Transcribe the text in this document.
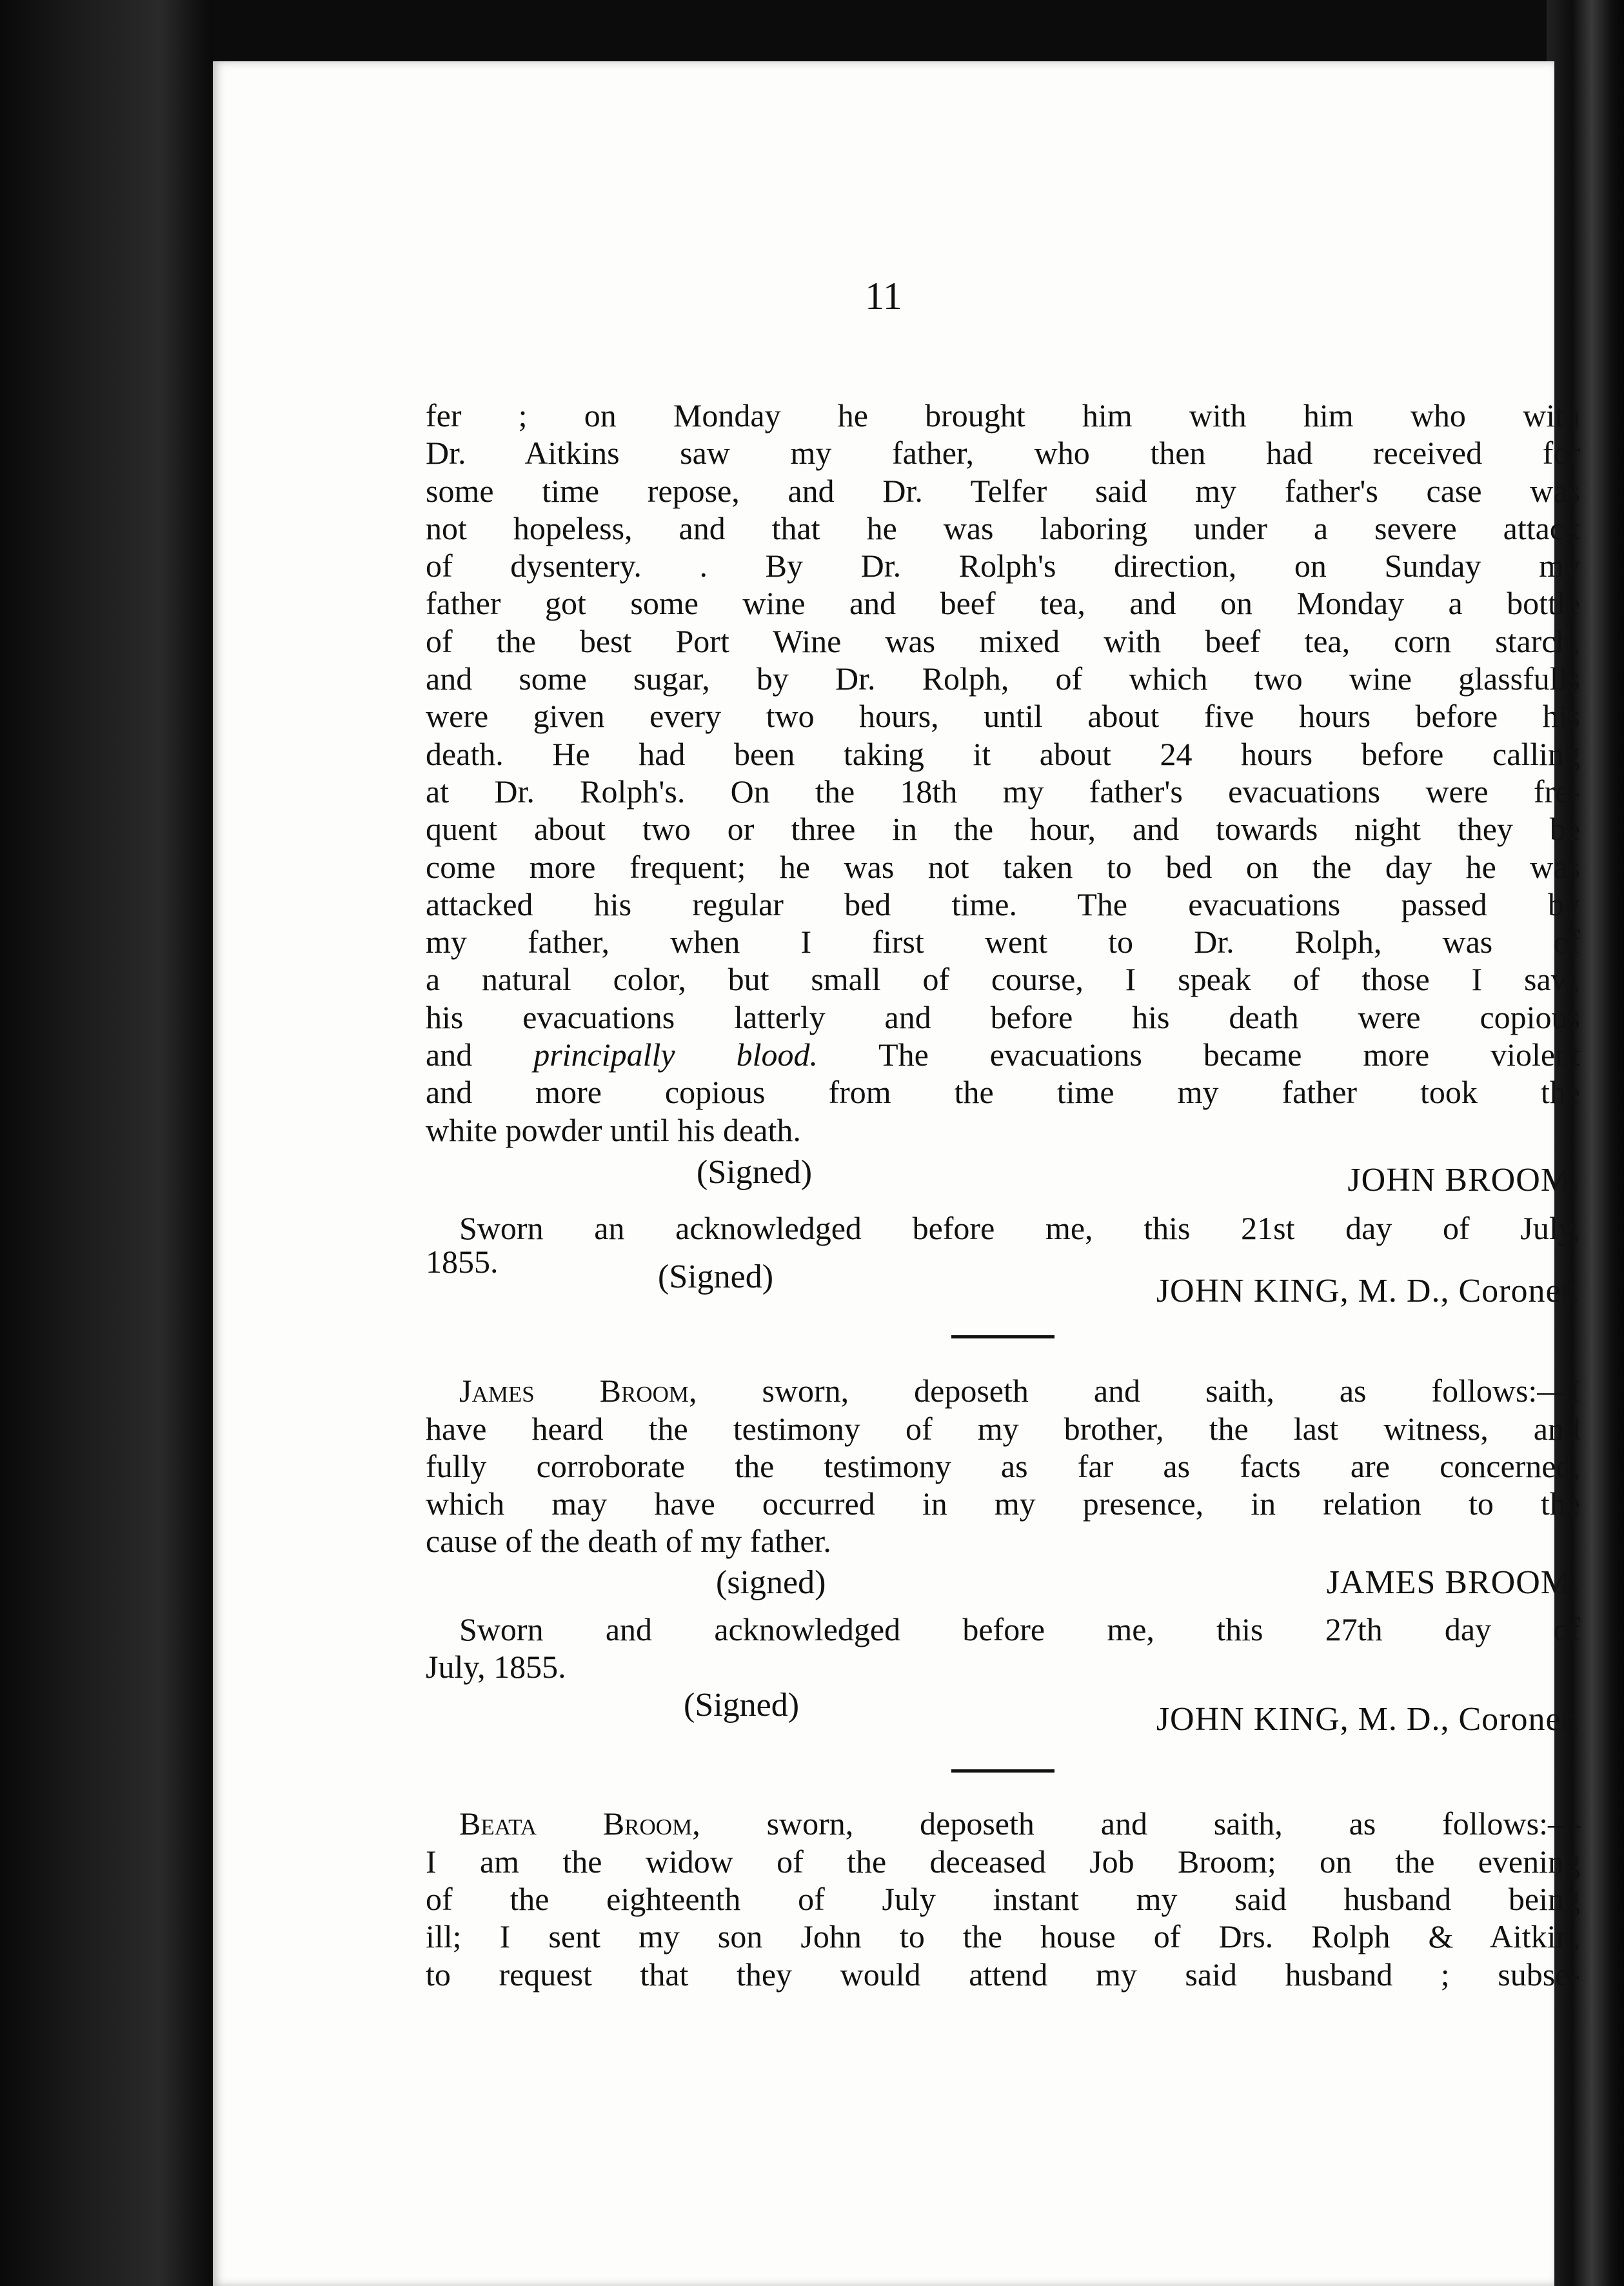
11

fer ; on Monday he brought him with him who with

Dr. Aitkins saw my father, who then had received for

some time repose, and Dr. Telfer said my father's case was

not hopeless, and that he was laboring under a severe attack

of dysentery. . By Dr. Rolph's direction, on Sunday my

father got some wine and beef tea, and on Monday a bottle

of the best Port Wine was mixed with beef tea, corn starch,

and some sugar, by Dr. Rolph, of which two wine glassfulls

were given every two hours, until about five hours before his

death. He had been taking it about 24 hours before calling

at Dr. Rolph's. On the 18th my father's evacuations were fre-

quent about two or three in the hour, and towards night they be

come more frequent; he was not taken to bed on the day he was

attacked his regular bed time. The evacuations passed by

my father, when I first went to Dr. Rolph, was of

a natural color, but small of course, I speak of those I saw,

his evacuations latterly and before his death were copious

and principally blood. The evacuations became more violent

and more copious from the time my father took the

white powder until his death.

(Signed)	JOHN BROOM.

Sworn an acknowledged before me, this 21st day of July,

1855.	(Signed)	JOHN KING, M. D., Coroner.

James Broom, sworn, deposeth and saith, as follows:—I

have heard the testimony of my brother, the last witness, and

fully corroborate the testimony as far as facts are concerned,

which may have occurred in my presence, in relation to the

cause of the death of my father.

(signed)	JAMES BROOM.

Sworn and acknowledged before me, this 27th day of

July, 1855.

(Signed)	JOHN KING, M. D., Coroner.

Beata Broom, sworn, deposeth and saith, as follows:—

I am the widow of the deceased Job Broom; on the evening

of the eighteenth of July instant my said husband being

ill; I sent my son John to the house of Drs. Rolph & Aitkin,

to request that they would attend my said husband ; subse-
